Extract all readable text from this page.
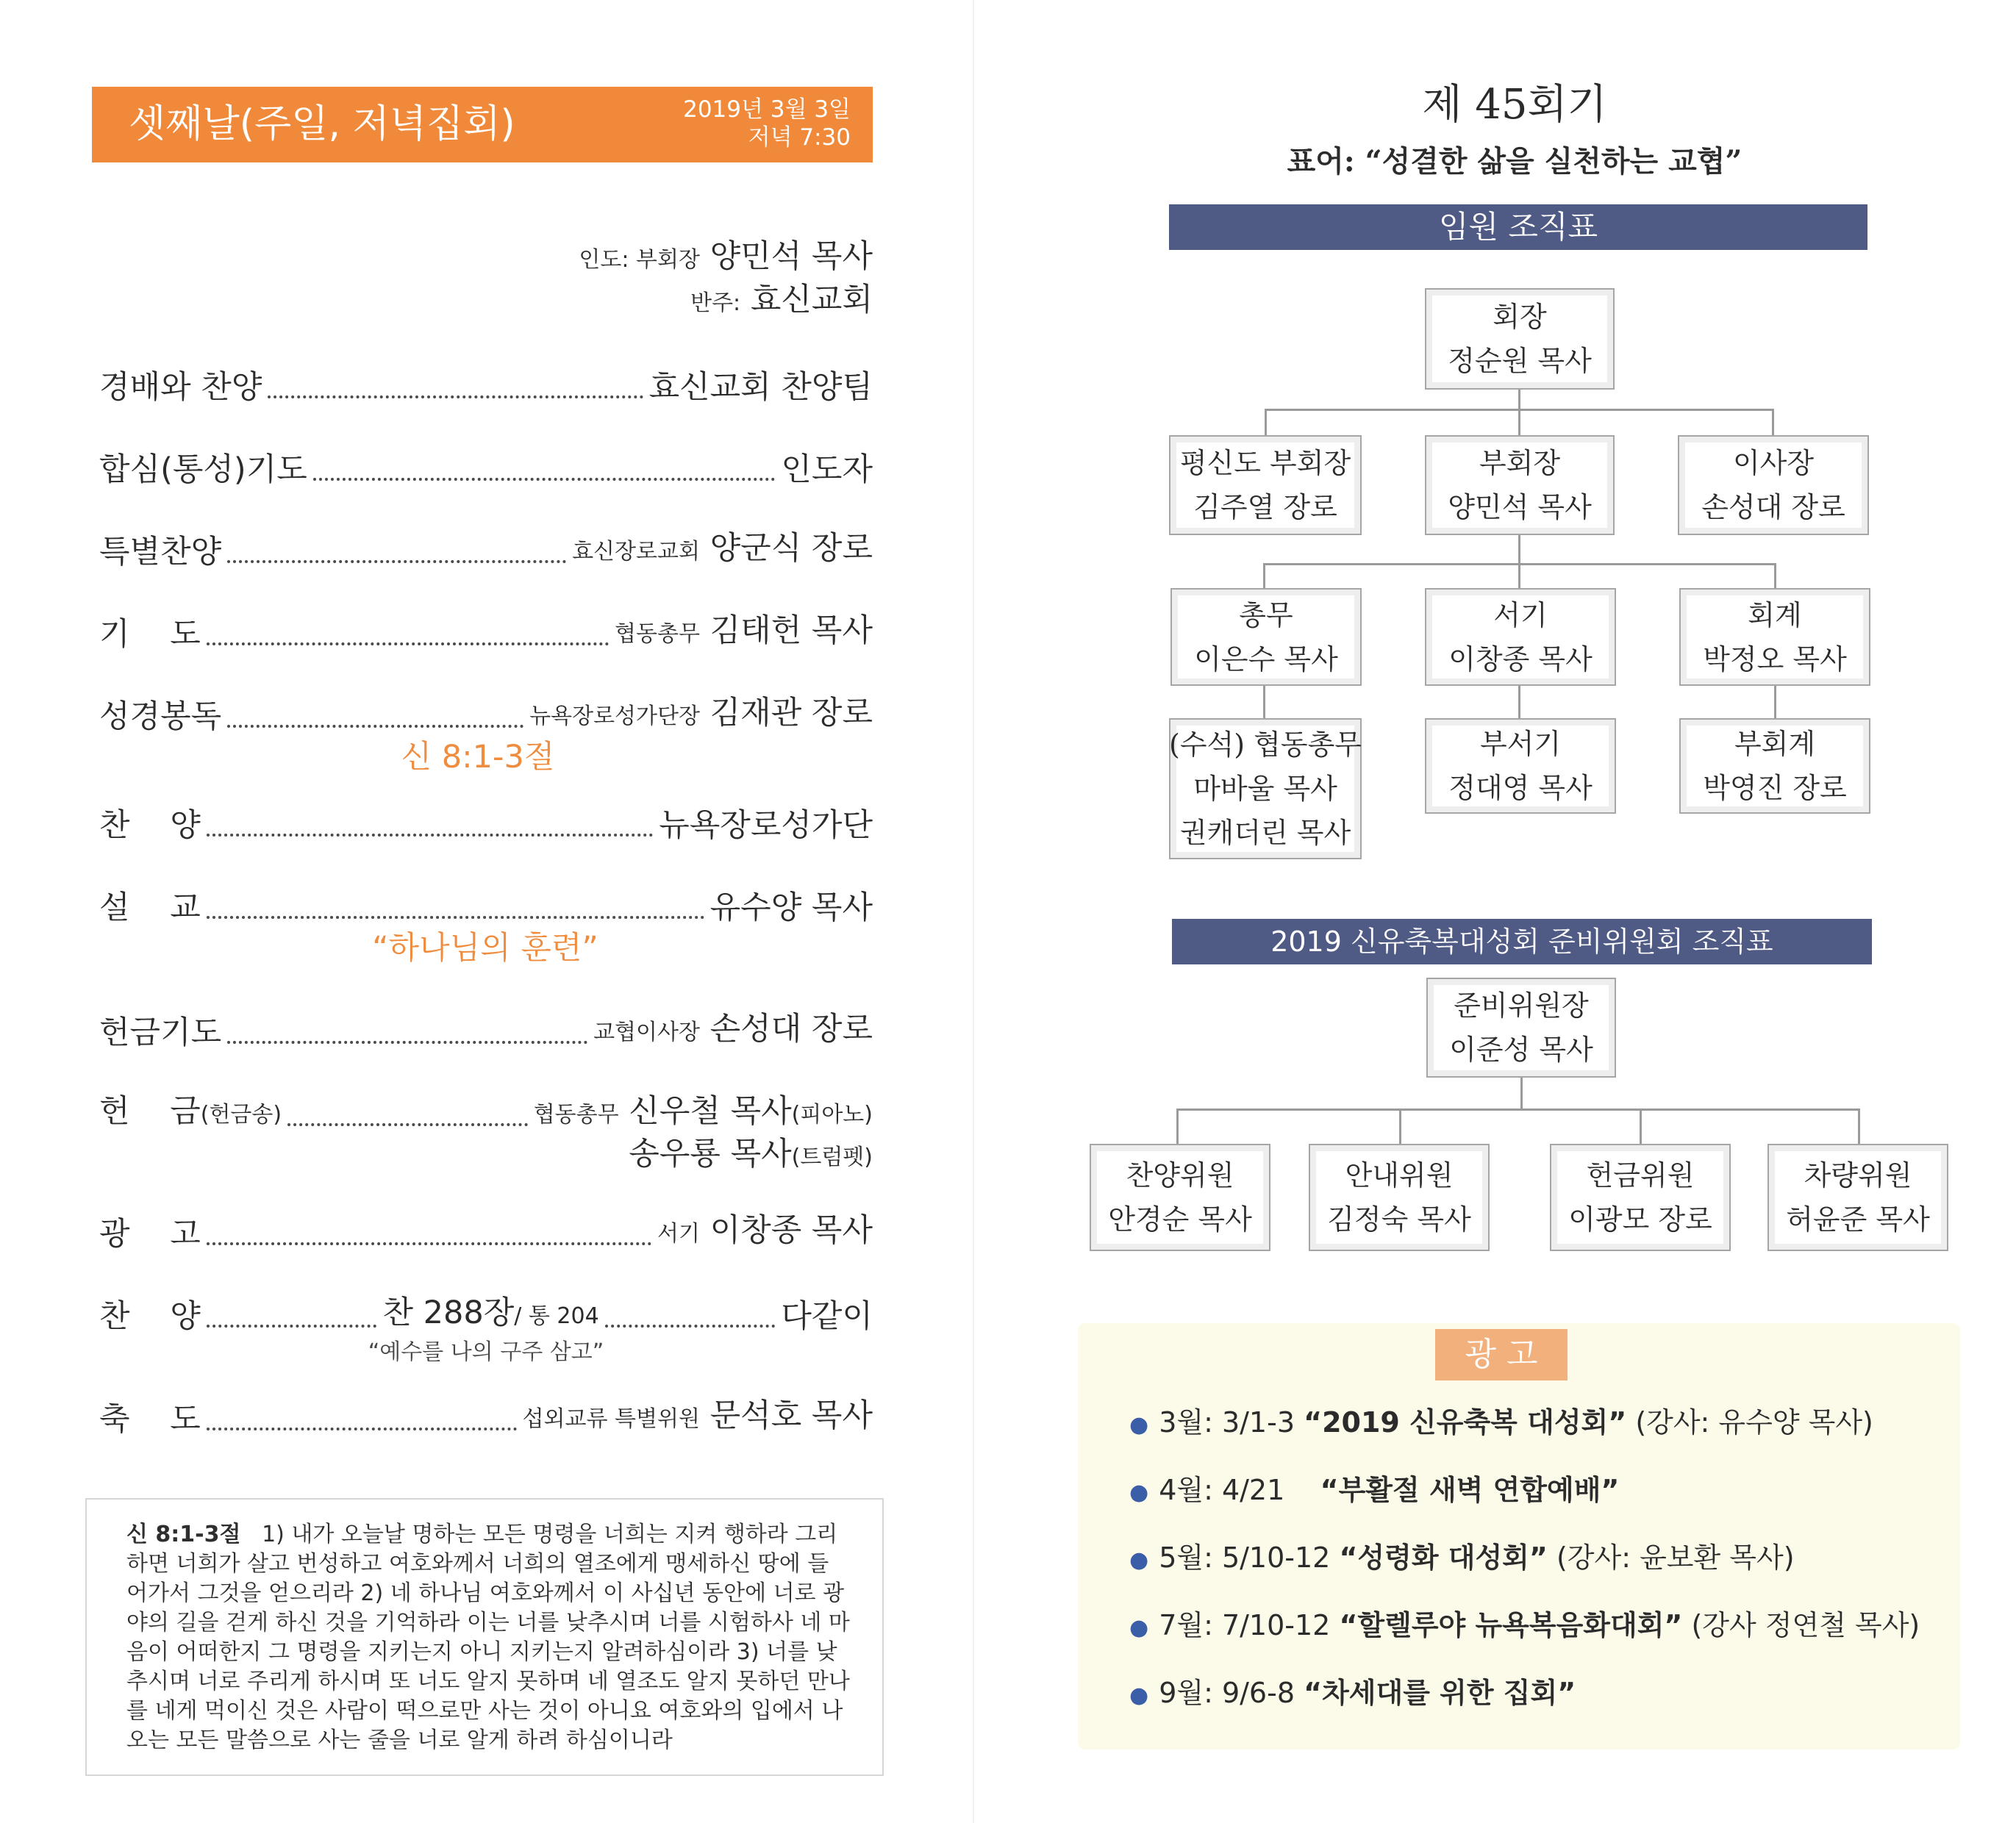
셋째날(주일, 저녁집회)	2019년 3월 3일
저녁 7:30
인도: 부회장 양민석 목사
반주: 효신교회
경배와 찬양	효신교회 찬양팀
합심(통성)기도	인도자
특별찬양	효신장로교회 양군식 장로
기    도	협동총무 김태헌 목사
성경봉독	뉴욕장로성가단장 김재관 장로
신 8:1-3절
찬    양	뉴욕장로성가단
설    교	유수양 목사
“하나님의 훈련”
헌금기도	교협이사장 손성대 장로
헌    금(헌금송)	협동총무 신우철 목사(피아노)
송우룡 목사(트럼펫)
광    고	서기 이창종 목사
찬    양	찬 288장/ 통 204	다같이
“예수를 나의 구주 삼고”
축    도	섭외교류 특별위원 문석호 목사
신 8:1-3절 1) 내가 오늘날 명하는 모든 명령을 너희는 지켜 행하라 그리하면 너희가 살고 번성하고 여호와께서 너희의 열조에게 맹세하신 땅에 들어가서 그것을 얻으리라 2) 네 하나님 여호와께서 이 사십년 동안에 너로 광야의 길을 걷게 하신 것을 기억하라 이는 너를 낮추시며 너를 시험하사 네 마음이 어떠한지 그 명령을 지키는지 아니 지키는지 알려하심이라 3) 너를 낮추시며 너로 주리게 하시며 또 너도 알지 못하며 네 열조도 알지 못하던 만나를 네게 먹이신 것은 사람이 떡으로만 사는 것이 아니요 여호와의 입에서 나오는 모든 말씀으로 사는 줄을 너로 알게 하려 하심이니라
제 45회기
표어: “성결한 삶을 실천하는 교협”
임원 조직표
회장
정순원 목사
평신도 부회장
김주열 장로
부회장
양민석 목사
이사장
손성대 장로
총무
이은수 목사
서기
이창종 목사
회계
박정오 목사
(수석) 협동총무
마바울 목사
권캐더린 목사
부서기
정대영 목사
부회계
박영진 장로
2019 신유축복대성회 준비위원회 조직표
준비위원장
이준성 목사
찬양위원
안경순 목사
안내위원
김정숙 목사
헌금위원
이광모 장로
차량위원
허윤준 목사
광 고
● 3월: 3/1-3 “2019 신유축복 대성회” (강사: 유수양 목사)
● 4월: 4/21    “부활절 새벽 연합예배”
● 5월: 5/10-12 “성령화 대성회” (강사: 윤보환 목사)
● 7월: 7/10-12 “할렐루야 뉴욕복음화대회” (강사 정연철 목사)
● 9월: 9/6-8 “차세대를 위한 집회”
